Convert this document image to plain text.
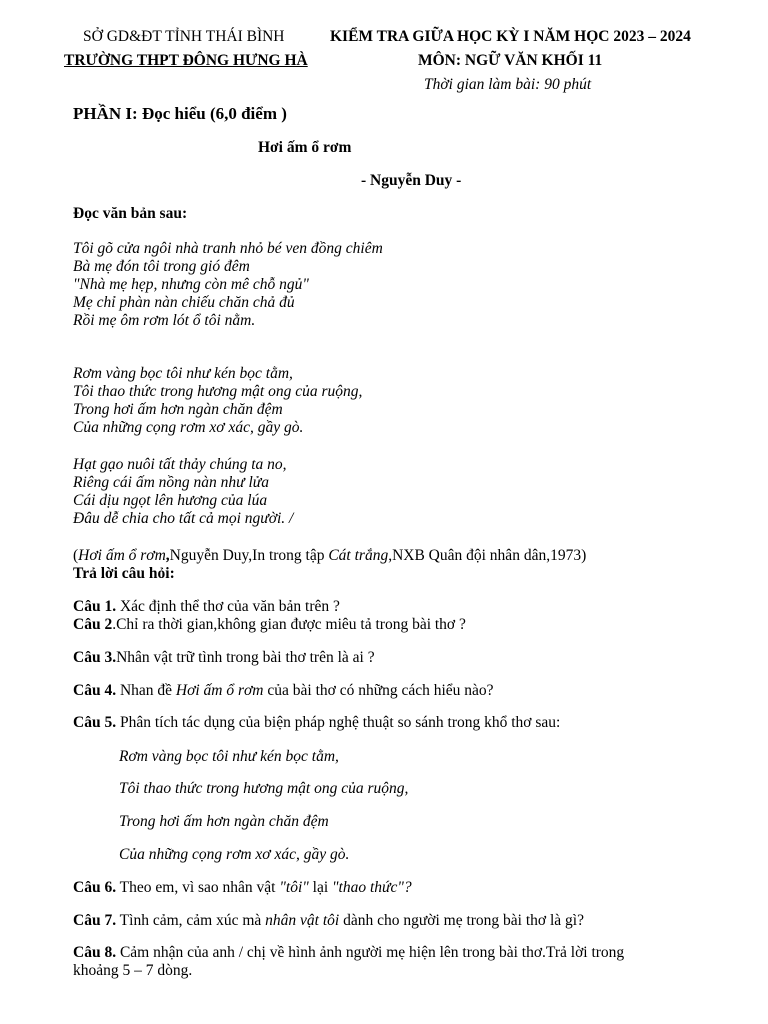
SỞ GD&ĐT TỈNH THÁI BÌNH
TRƯỜNG THPT ĐÔNG HƯNG HÀ
KIỂM TRA GIỮA HỌC KỲ I NĂM HỌC 2023 – 2024
MÔN: NGỮ VĂN KHỐI 11
Thời gian làm bài: 90 phút
PHẦN I: Đọc hiểu (6,0 điểm )
Hơi ấm ổ rơm
- Nguyễn Duy -
Đọc văn bản sau:
Tôi gõ cửa ngôi nhà tranh nhỏ bé ven đồng chiêm
Bà mẹ đón tôi trong gió đêm
"Nhà mẹ hẹp, nhưng còn mê chỗ ngủ"
Mẹ chỉ phàn nàn chiếu chăn chả đủ
Rồi mẹ ôm rơm lót ổ tôi nằm.
Rơm vàng bọc tôi như kén bọc tằm,
Tôi thao thức trong hương mật ong của ruộng,
Trong hơi ấm hơn ngàn chăn đệm
Của những cọng rơm xơ xác, gầy gò.
Hạt gạo nuôi tất thảy chúng ta no,
Riêng cái ấm nồng nàn như lửa
Cái dịu ngọt lên hương của lúa
Đâu dễ chia cho tất cả mọi người. /
(Hơi ấm ổ rơm,Nguyễn Duy,In trong tập Cát trắng,NXB Quân đội nhân dân,1973)
Trả lời câu hỏi:
Câu 1. Xác định thể thơ của văn bản trên ?
Câu 2.Chỉ ra thời gian,không gian được miêu tả trong bài thơ ?
Câu 3.Nhân vật trữ tình trong bài thơ trên là ai ?
Câu 4. Nhan đề Hơi ấm ổ rơm của bài thơ có những cách hiểu nào?
Câu 5. Phân tích tác dụng của biện pháp nghệ thuật so sánh trong khổ thơ sau:
Rơm vàng bọc tôi như kén bọc tằm,
Tôi thao thức trong hương mật ong của ruộng,
Trong hơi ấm hơn ngàn chăn đệm
Của những cọng rơm xơ xác, gầy gò.
Câu 6. Theo em, vì sao nhân vật "tôi" lại "thao thức"?
Câu 7. Tình cảm, cảm xúc mà nhân vật tôi dành cho người mẹ trong bài thơ là gì?
Câu 8. Cảm nhận của anh / chị về hình ảnh người mẹ hiện lên trong bài thơ.Trả lời trong
khoảng 5 – 7 dòng.
